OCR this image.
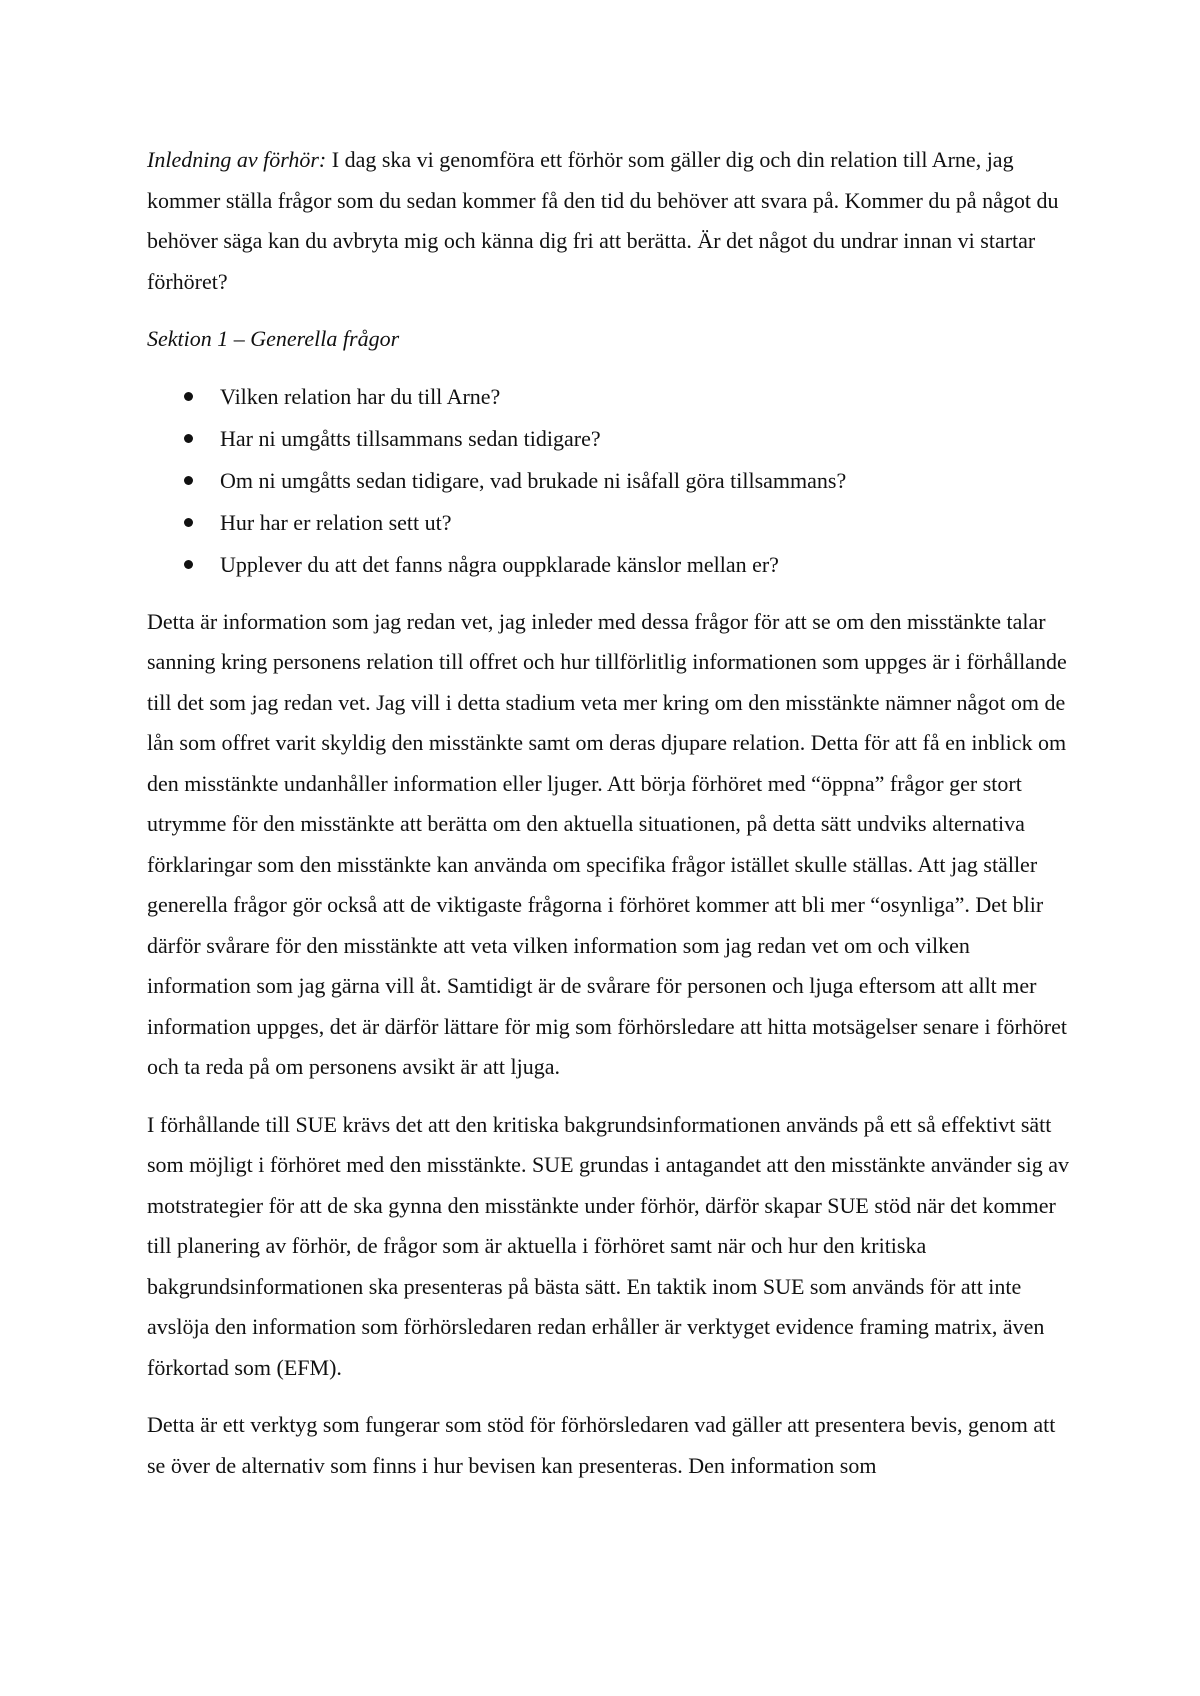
Inledning av förhör: I dag ska vi genomföra ett förhör som gäller dig och din relation till Arne, jag kommer ställa frågor som du sedan kommer få den tid du behöver att svara på. Kommer du på något du behöver säga kan du avbryta mig och känna dig fri att berätta. Är det något du undrar innan vi startar förhöret?

Sektion 1 – Generella frågor

Vilken relation har du till Arne?
Har ni umgåtts tillsammans sedan tidigare?
Om ni umgåtts sedan tidigare, vad brukade ni isåfall göra tillsammans?
Hur har er relation sett ut?
Upplever du att det fanns några ouppklarade känslor mellan er?

Detta är information som jag redan vet, jag inleder med dessa frågor för att se om den misstänkte talar sanning kring personens relation till offret och hur tillförlitlig informationen som uppges är i förhållande till det som jag redan vet. Jag vill i detta stadium veta mer kring om den misstänkte nämner något om de lån som offret varit skyldig den misstänkte samt om deras djupare relation. Detta för att få en inblick om den misstänkte undanhåller information eller ljuger. Att börja förhöret med “öppna” frågor ger stort utrymme för den misstänkte att berätta om den aktuella situationen, på detta sätt undviks alternativa förklaringar som den misstänkte kan använda om specifika frågor istället skulle ställas. Att jag ställer generella frågor gör också att de viktigaste frågorna i förhöret kommer att bli mer “osynliga”. Det blir därför svårare för den misstänkte att veta vilken information som jag redan vet om och vilken information som jag gärna vill åt. Samtidigt är de svårare för personen och ljuga eftersom att allt mer information uppges, det är därför lättare för mig som förhörsledare att hitta motsägelser senare i förhöret och ta reda på om personens avsikt är att ljuga.

I förhållande till SUE krävs det att den kritiska bakgrundsinformationen används på ett så effektivt sätt som möjligt i förhöret med den misstänkte. SUE grundas i antagandet att den misstänkte använder sig av motstrategier för att de ska gynna den misstänkte under förhör, därför skapar SUE stöd när det kommer till planering av förhör, de frågor som är aktuella i förhöret samt när och hur den kritiska bakgrundsinformationen ska presenteras på bästa sätt. En taktik inom SUE som används för att inte avslöja den information som förhörsledaren redan erhåller är verktyget evidence framing matrix, även förkortad som (EFM).

Detta är ett verktyg som fungerar som stöd för förhörsledaren vad gäller att presentera bevis, genom att se över de alternativ som finns i hur bevisen kan presenteras. Den information som
